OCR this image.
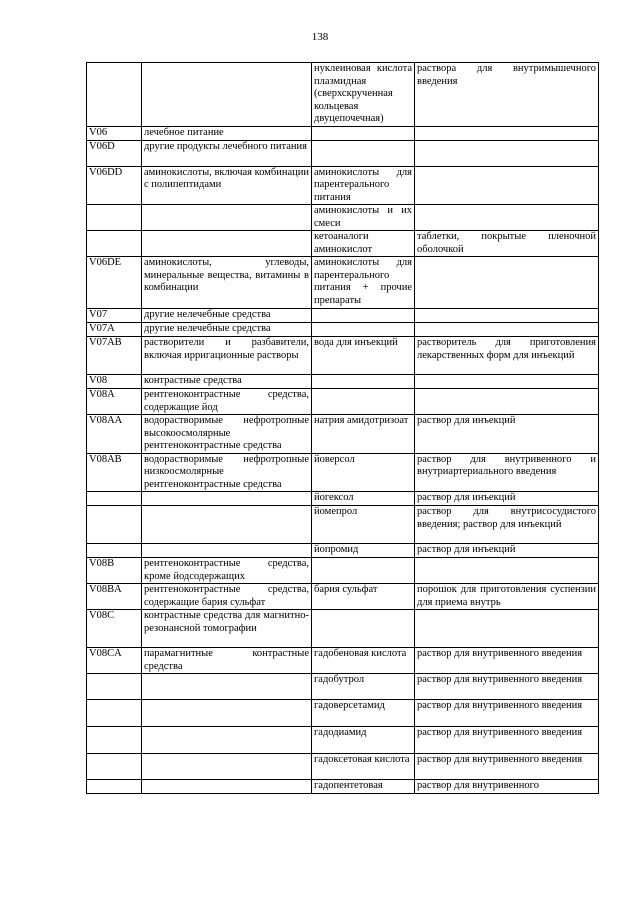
138
		нуклеиновая кислота плазмидная (сверхскрученная кольцевая двуцепочечная)	раствора для внутримышечного введения
V06	лечебное питание		
V06D	другие продукты лечебного питания		
V06DD	аминокислоты, включая комбинации с полипептидами	аминокислоты для парентерального питания	
		аминокислоты и их смеси	
		кетоаналоги аминокислот	таблетки, покрытые пленочной оболочкой
V06DE	аминокислоты, углеводы, минеральные вещества, витамины в комбинации	аминокислоты для парентерального питания + прочие препараты	
V07	другие нелечебные средства		
V07A	другие нелечебные средства		
V07AB	растворители и разбавители, включая ирригационные растворы	вода для инъекций	растворитель для приготовления лекарственных форм для инъекций
V08	контрастные средства		
V08A	рентгеноконтрастные средства, содержащие йод		
V08AA	водорастворимые нефротропные высокоосмолярные рентгеноконтрастные средства	натрия амидотризоат	раствор для инъекций
V08AB	водорастворимые нефротропные низкоосмолярные рентгеноконтрастные средства	йоверсол	раствор для внутривенного и внутриартериального введения
		йогексол	раствор для инъекций
		йомепрол	раствор для внутрисосудистого введения; раствор для инъекций
		йопромид	раствор для инъекций
V08B	рентгеноконтрастные средства, кроме йодсодержащих		
V08BA	рентгеноконтрастные средства, содержащие бария сульфат	бария сульфат	порошок для приготовления суспензии для приема внутрь
V08C	контрастные средства для магнитно-резонансной томографии		
V08CA	парамагнитные контрастные средства	гадобеновая кислота	раствор для внутривенного введения
		гадобутрол	раствор для внутривенного введения
		гадоверсетамид	раствор для внутривенного введения
		гадодиамид	раствор для внутривенного введения
		гадоксетовая кислота	раствор для внутривенного введения
		гадопентетовая	раствор для внутривенного
